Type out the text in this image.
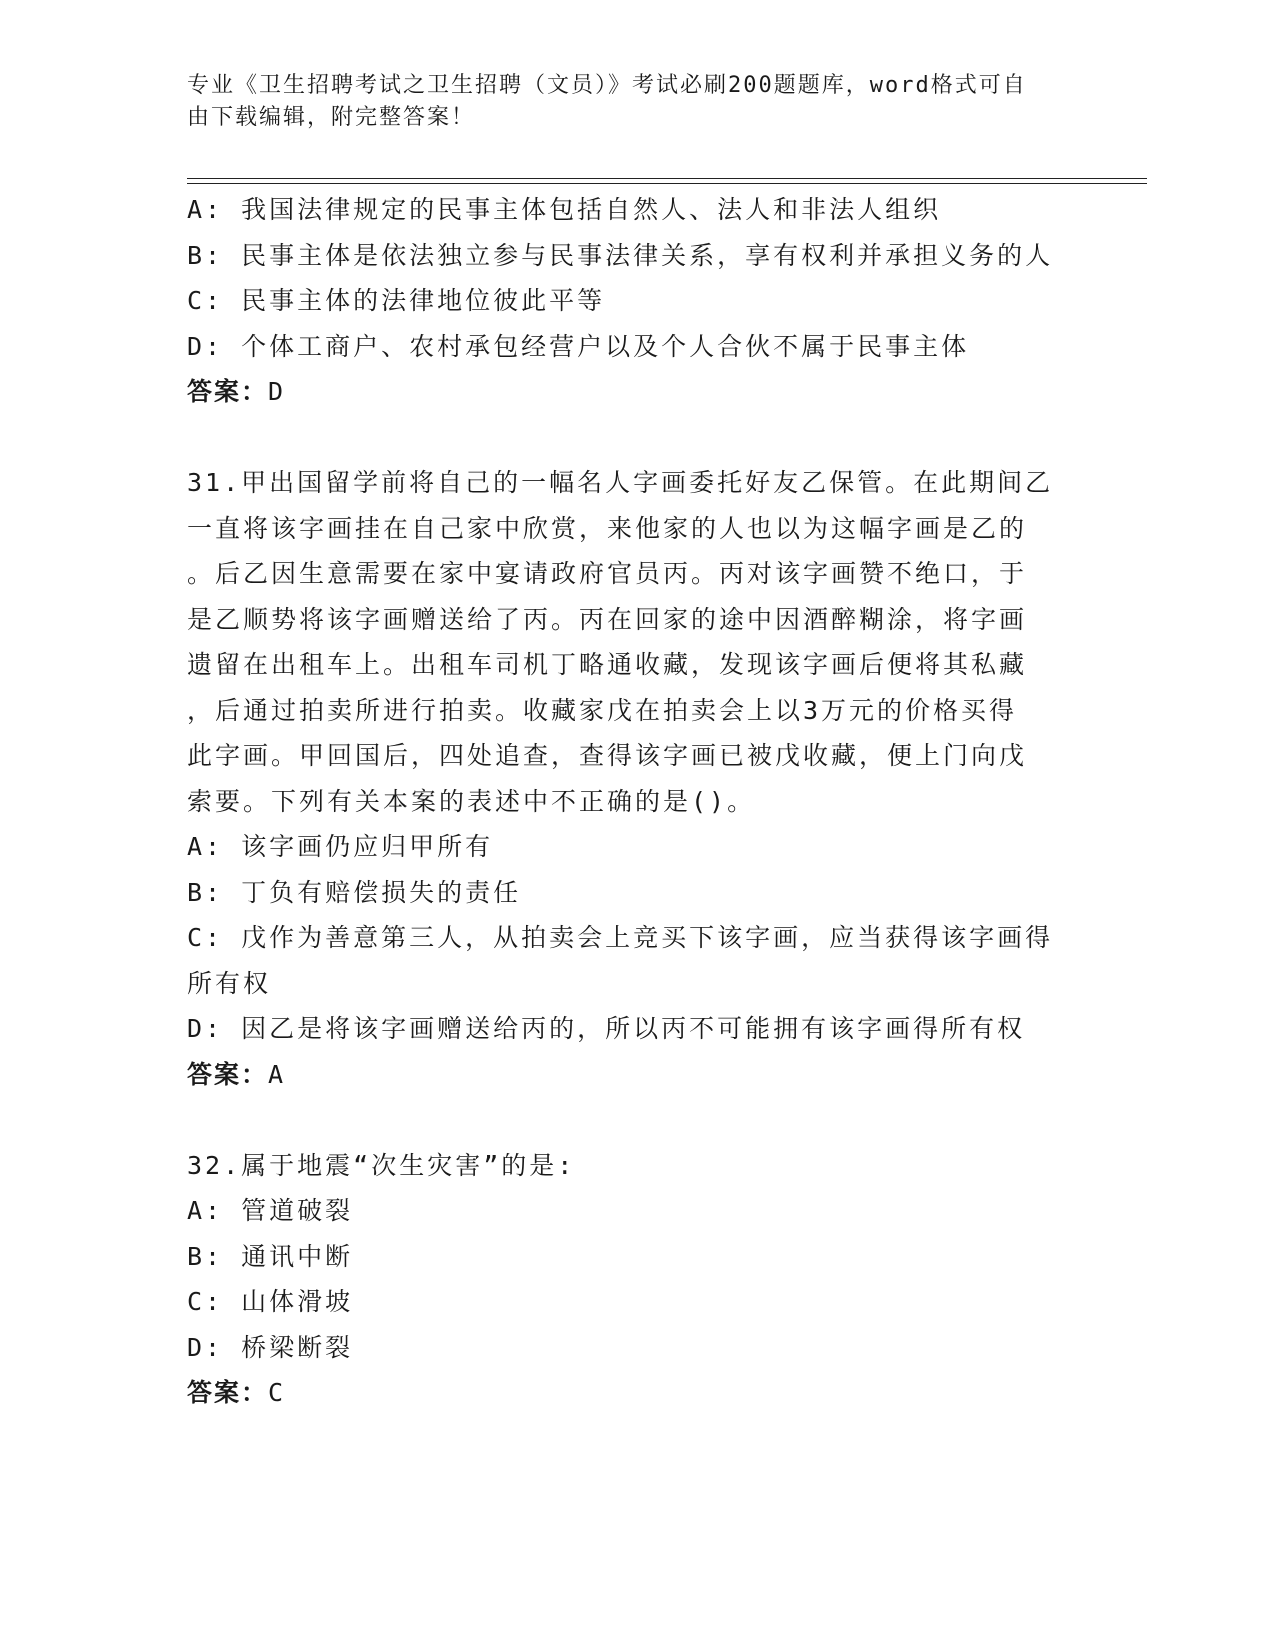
专业《卫生招聘考试之卫生招聘（文员）》考试必刷200题题库，word格式可自
由下载编辑，附完整答案！
A: 我国法律规定的民事主体包括自然人、法人和非法人组织
B: 民事主体是依法独立参与民事法律关系，享有权利并承担义务的人
C: 民事主体的法律地位彼此平等
D: 个体工商户、农村承包经营户以及个人合伙不属于民事主体
答案：D
31.甲出国留学前将自己的一幅名人字画委托好友乙保管。在此期间乙
一直将该字画挂在自己家中欣赏，来他家的人也以为这幅字画是乙的
。后乙因生意需要在家中宴请政府官员丙。丙对该字画赞不绝口，于
是乙顺势将该字画赠送给了丙。丙在回家的途中因酒醉糊涂，将字画
遗留在出租车上。出租车司机丁略通收藏，发现该字画后便将其私藏
，后通过拍卖所进行拍卖。收藏家戊在拍卖会上以3万元的价格买得
此字画。甲回国后，四处追查，查得该字画已被戊收藏，便上门向戊
索要。下列有关本案的表述中不正确的是()。
A: 该字画仍应归甲所有
B: 丁负有赔偿损失的责任
C: 戊作为善意第三人，从拍卖会上竞买下该字画，应当获得该字画得
所有权
D: 因乙是将该字画赠送给丙的，所以丙不可能拥有该字画得所有权
答案：A
32.属于地震“次生灾害”的是:
A: 管道破裂
B: 通讯中断
C: 山体滑坡
D: 桥梁断裂
答案：C
